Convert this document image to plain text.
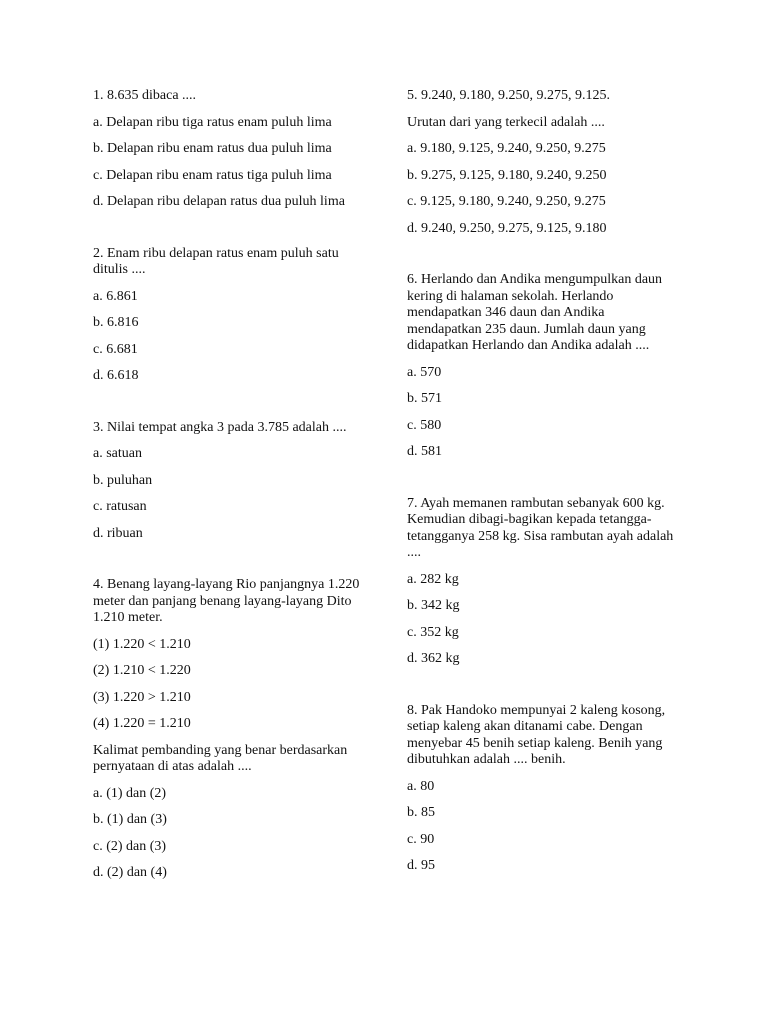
1. 8.635 dibaca ....
a. Delapan ribu tiga ratus enam puluh lima
b. Delapan ribu enam ratus dua puluh lima
c. Delapan ribu enam ratus tiga puluh lima
d. Delapan ribu delapan ratus dua puluh lima
2. Enam ribu delapan ratus enam puluh satu ditulis ....
a. 6.861
b. 6.816
c. 6.681
d. 6.618
3. Nilai tempat angka 3 pada 3.785 adalah ....
a. satuan
b. puluhan
c. ratusan
d. ribuan
4. Benang layang-layang Rio panjangnya 1.220 meter dan panjang benang layang-layang Dito 1.210 meter.
(1) 1.220 < 1.210
(2) 1.210 < 1.220
(3) 1.220 > 1.210
(4) 1.220 = 1.210
Kalimat pembanding yang benar berdasarkan pernyataan di atas adalah ....
a. (1) dan (2)
b. (1) dan (3)
c. (2) dan (3)
d. (2) dan (4)
5. 9.240, 9.180, 9.250, 9.275, 9.125.
Urutan dari yang terkecil adalah ....
a. 9.180, 9.125, 9.240, 9.250, 9.275
b. 9.275, 9.125, 9.180, 9.240, 9.250
c. 9.125, 9.180, 9.240, 9.250, 9.275
d. 9.240, 9.250, 9.275, 9.125, 9.180
6. Herlando dan Andika mengumpulkan daun kering di halaman sekolah. Herlando mendapatkan 346 daun dan Andika mendapatkan 235 daun. Jumlah daun yang didapatkan Herlando dan Andika adalah ....
a. 570
b. 571
c. 580
d. 581
7. Ayah memanen rambutan sebanyak 600 kg. Kemudian dibagi-bagikan kepada tetangga-tetangganya 258 kg. Sisa rambutan ayah adalah ....
a. 282 kg
b. 342 kg
c. 352 kg
d. 362 kg
8. Pak Handoko mempunyai 2 kaleng kosong, setiap kaleng akan ditanami cabe. Dengan menyebar 45 benih setiap kaleng. Benih yang dibutuhkan adalah .... benih.
a. 80
b. 85
c. 90
d. 95
